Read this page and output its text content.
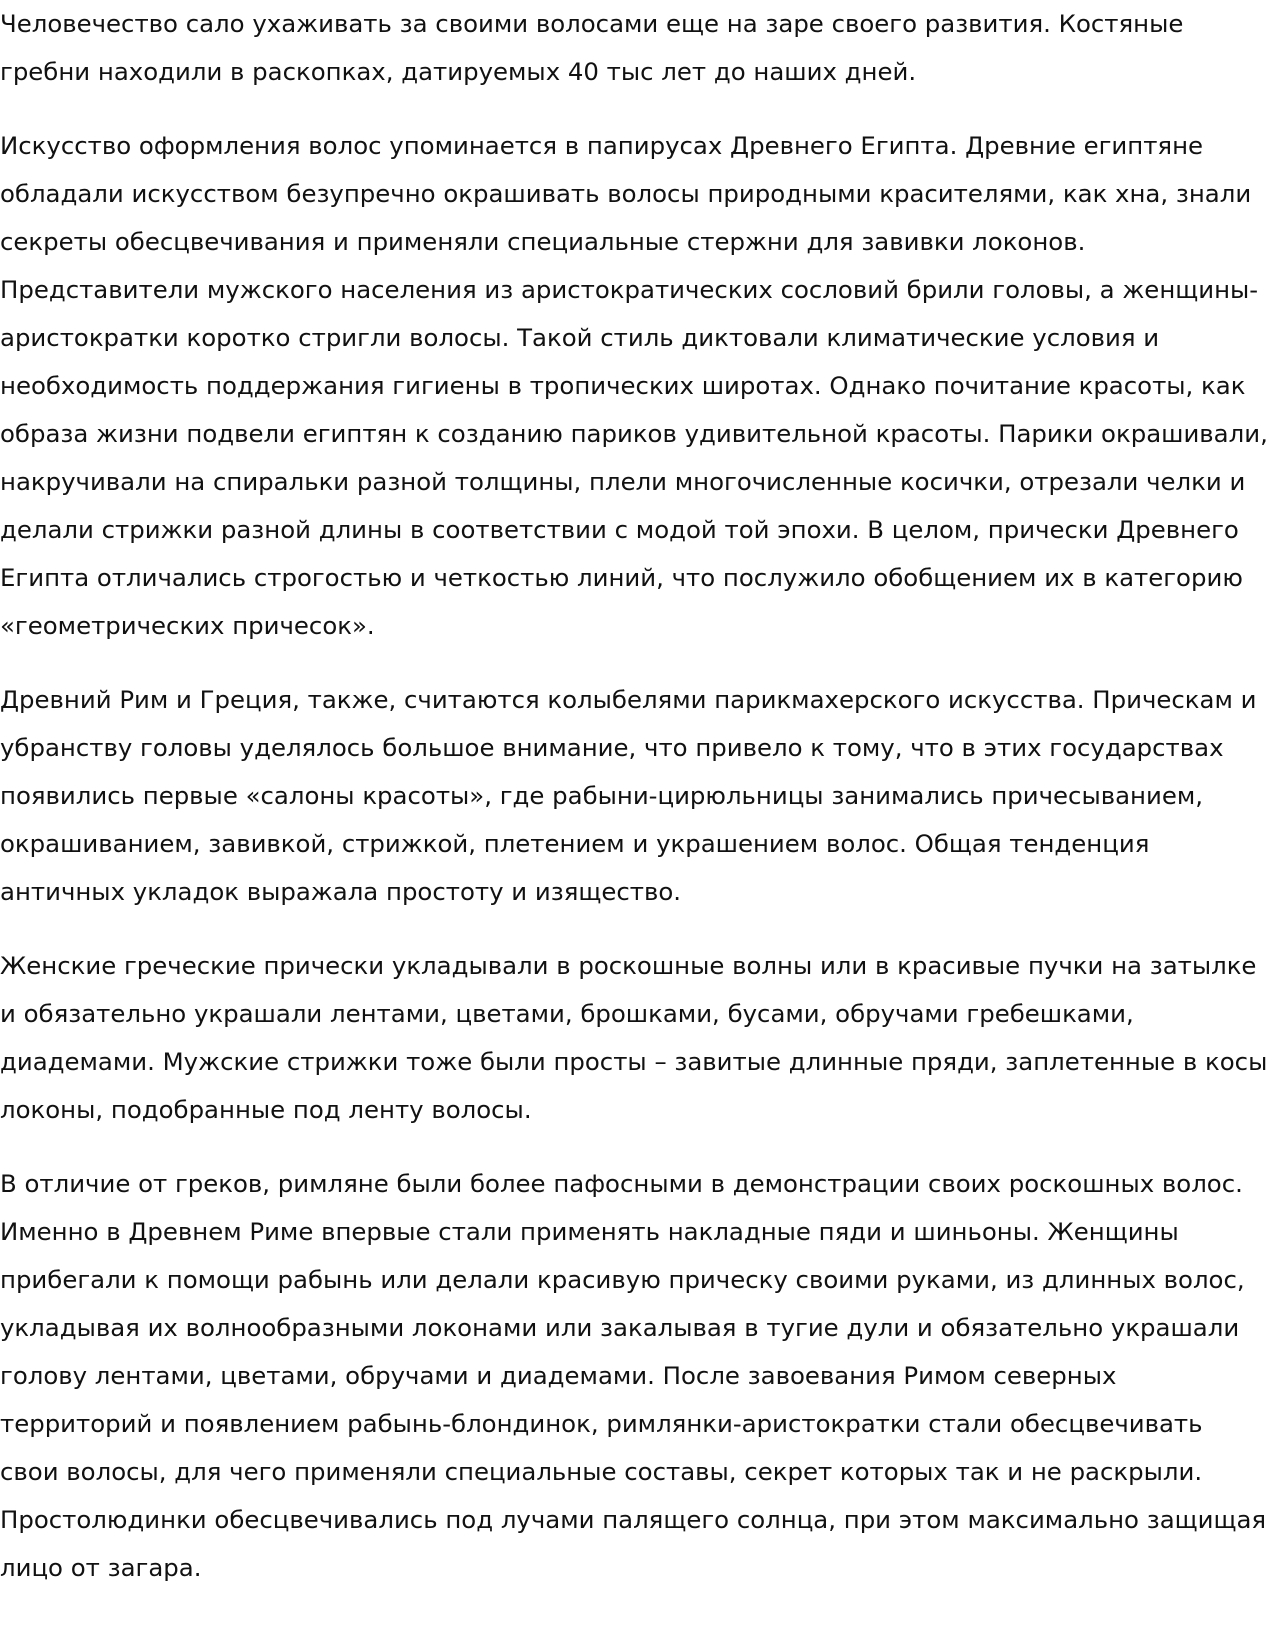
Человечество сало ухаживать за своими волосами еще на заре своего развития. Костяные гребни находили в раскопках, датируемых 40 тыс лет до наших дней.

Искусство оформления волос упоминается в папирусах Древнего Египта. Древние египтяне обладали искусством безупречно окрашивать волосы природными красителями, как хна, знали секреты обесцвечивания и применяли специальные стержни для завивки локонов. Представители мужского населения из аристократических сословий брили головы, а женщины-аристократки коротко стригли волосы. Такой стиль диктовали климатические условия и необходимость поддержания гигиены в тропических широтах. Однако почитание красоты, как образа жизни подвели египтян к созданию париков удивительной красоты. Парики окрашивали, накручивали на спиральки разной толщины, плели многочисленные косички, отрезали челки и делали стрижки разной длины в соответствии с модой той эпохи. В целом, прически Древнего Египта отличались строгостью и четкостью линий, что послужило обобщением их в категорию «геометрических причесок».

Древний Рим и Греция, также, считаются колыбелями парикмахерского искусства. Прическам и убранству головы уделялось большое внимание, что привело к тому, что в этих государствах появились первые «салоны красоты», где рабыни-цирюльницы занимались причесыванием, окрашиванием, завивкой, стрижкой, плетением и украшением волос. Общая тенденция античных укладок выражала простоту и изящество.

Женские греческие прически укладывали в роскошные волны или в красивые пучки на затылке и обязательно украшали лентами, цветами, брошками, бусами, обручами гребешками, диадемами. Мужские стрижки тоже были просты – завитые длинные пряди, заплетенные в косы локоны, подобранные под ленту волосы.

В отличие от греков, римляне были более пафосными в демонстрации своих роскошных волос. Именно в Древнем Риме впервые стали применять накладные пяди и шиньоны. Женщины прибегали к помощи рабынь или делали красивую прическу своими руками, из длинных волос, укладывая их волнообразными локонами или закалывая в тугие дули и обязательно украшали голову лентами, цветами, обручами и диадемами. После завоевания Римом северных территорий и появлением рабынь-блондинок, римлянки-аристократки стали обесцвечивать свои волосы, для чего применяли специальные составы, секрет которых так и не раскрыли. Простолюдинки обесцвечивались под лучами палящего солнца, при этом максимально защищая лицо от загара.
